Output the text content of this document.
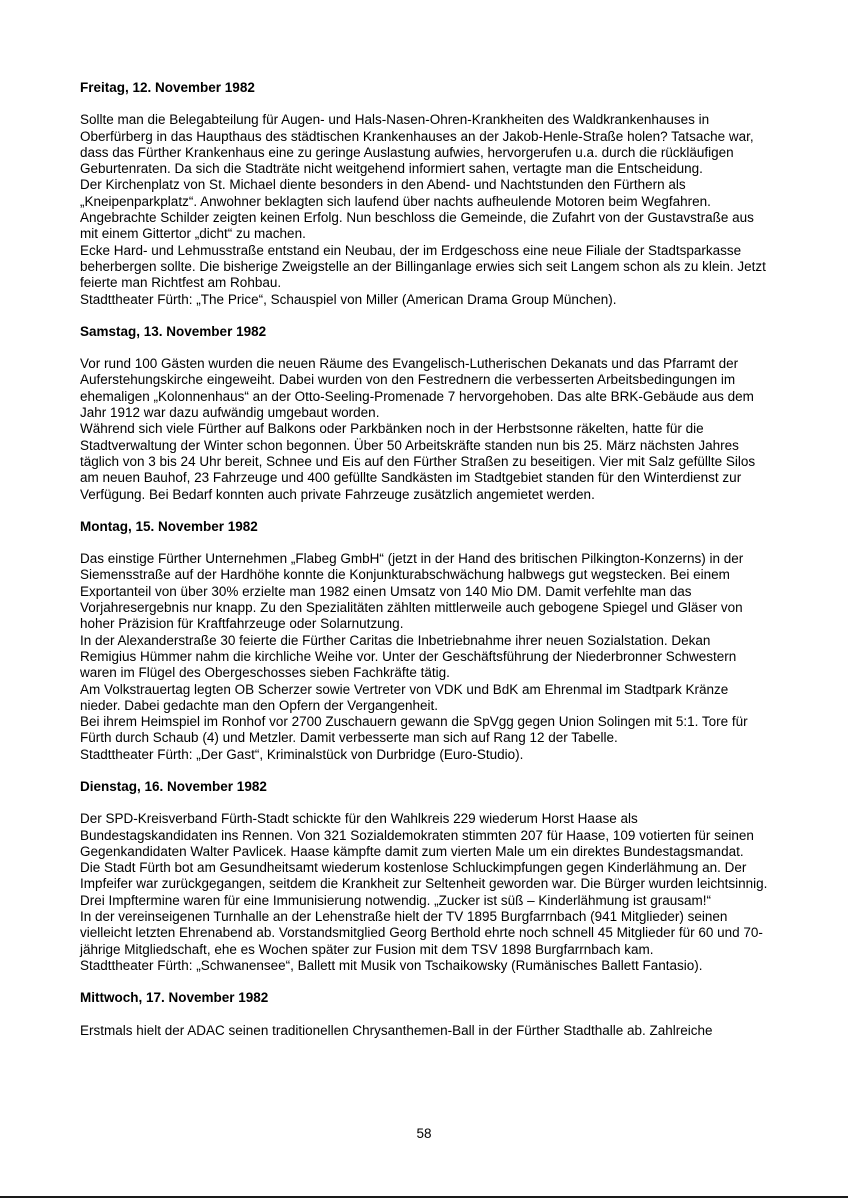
Freitag, 12. November 1982

Sollte man die Belegabteilung für Augen- und Hals-Nasen-Ohren-Krankheiten des Waldkrankenhauses in Oberfürberg in das Haupthaus des städtischen Krankenhauses an der Jakob-Henle-Straße holen? Tatsache war, dass das Fürther Krankenhaus eine zu geringe Auslastung aufwies, hervorgerufen u.a. durch die rückläufigen Geburtenraten. Da sich die Stadträte nicht weitgehend informiert sahen, vertagte man die Entscheidung.

Der Kirchenplatz von St. Michael diente besonders in den Abend- und Nachtstunden den Fürthern als „Kneipenparkplatz“. Anwohner beklagten sich laufend über nachts aufheulende Motoren beim Wegfahren. Angebrachte Schilder zeigten keinen Erfolg. Nun beschloss die Gemeinde, die Zufahrt von der Gustavstraße aus mit einem Gittertor „dicht“ zu machen.

Ecke Hard- und Lehmusstraße entstand ein Neubau, der im Erdgeschoss eine neue Filiale der Stadtsparkasse beherbergen sollte. Die bisherige Zweigstelle an der Billinganlage erwies sich seit Langem schon als zu klein. Jetzt feierte man Richtfest am Rohbau.

Stadttheater Fürth: „The Price“, Schauspiel von Miller (American Drama Group München).

Samstag, 13. November 1982

Vor rund 100 Gästen wurden die neuen Räume des Evangelisch-Lutherischen Dekanats und das Pfarramt der Auferstehungskirche eingeweiht. Dabei wurden von den Festrednern die verbesserten Arbeitsbedingungen im ehemaligen „Kolonnenhaus“ an der Otto-Seeling-Promenade 7 hervorgehoben. Das alte BRK-Gebäude aus dem Jahr 1912 war dazu aufwändig umgebaut worden.

Während sich viele Fürther auf Balkons oder Parkbänken noch in der Herbstsonne räkelten, hatte für die Stadtverwaltung der Winter schon begonnen. Über 50 Arbeitskräfte standen nun bis 25. März nächsten Jahres täglich von 3 bis 24 Uhr bereit, Schnee und Eis auf den Fürther Straßen zu beseitigen. Vier mit Salz gefüllte Silos am neuen Bauhof, 23 Fahrzeuge und 400 gefüllte Sandkästen im Stadtgebiet standen für den Winterdienst zur Verfügung. Bei Bedarf konnten auch private Fahrzeuge zusätzlich angemietet werden.

Montag, 15. November 1982

Das einstige Fürther Unternehmen „Flabeg GmbH“ (jetzt in der Hand des britischen Pilkington-Konzerns) in der Siemensstraße auf der Hardhöhe konnte die Konjunkturabschwächung halbwegs gut wegstecken. Bei einem Exportanteil von über 30% erzielte man 1982 einen Umsatz von 140 Mio DM. Damit verfehlte man das Vorjahresergebnis nur knapp. Zu den Spezialitäten zählten mittlerweile auch gebogene Spiegel und Gläser von hoher Präzision für Kraftfahrzeuge oder Solarnutzung.

In der Alexanderstraße 30 feierte die Fürther Caritas die Inbetriebnahme ihrer neuen Sozialstation. Dekan Remigius Hümmer nahm die kirchliche Weihe vor. Unter der Geschäftsführung der Niederbronner Schwestern waren im Flügel des Obergeschosses sieben Fachkräfte tätig.

Am Volkstrauertag legten OB Scherzer sowie Vertreter von VDK und BdK am Ehrenmal im Stadtpark Kränze nieder. Dabei gedachte man den Opfern der Vergangenheit.

Bei ihrem Heimspiel im Ronhof vor 2700 Zuschauern gewann die SpVgg gegen Union Solingen mit 5:1. Tore für Fürth durch Schaub (4) und Metzler. Damit verbesserte man sich auf Rang 12 der Tabelle.

Stadttheater Fürth: „Der Gast“, Kriminalstück von Durbridge (Euro-Studio).

Dienstag, 16. November 1982

Der SPD-Kreisverband Fürth-Stadt schickte für den Wahlkreis 229 wiederum Horst Haase als Bundestagskandidaten ins Rennen. Von 321 Sozialdemokraten stimmten 207 für Haase, 109 votierten für seinen Gegenkandidaten Walter Pavlicek. Haase kämpfte damit zum vierten Male um ein direktes Bundestagsmandat.

Die Stadt Fürth bot am Gesundheitsamt wiederum kostenlose Schluckimpfungen gegen Kinderlähmung an. Der Impfeifer war zurückgegangen, seitdem die Krankheit zur Seltenheit geworden war. Die Bürger wurden leichtsinnig. Drei Impftermine waren für eine Immunisierung notwendig. „Zucker ist süß – Kinderlähmung ist grausam!“

In der vereinseigenen Turnhalle an der Lehenstraße hielt der TV 1895 Burgfarrnbach (941 Mitglieder) seinen vielleicht letzten Ehrenabend ab. Vorstandsmitglied Georg Berthold ehrte noch schnell 45 Mitglieder für 60 und 70-jährige Mitgliedschaft, ehe es Wochen später zur Fusion mit dem TSV 1898 Burgfarrnbach kam.

Stadttheater Fürth: „Schwanensee“, Ballett mit Musik von Tschaikowsky (Rumänisches Ballett Fantasio).

Mittwoch, 17. November 1982

Erstmals hielt der ADAC seinen traditionellen Chrysanthemen-Ball in der Fürther Stadthalle ab. Zahlreiche

58
